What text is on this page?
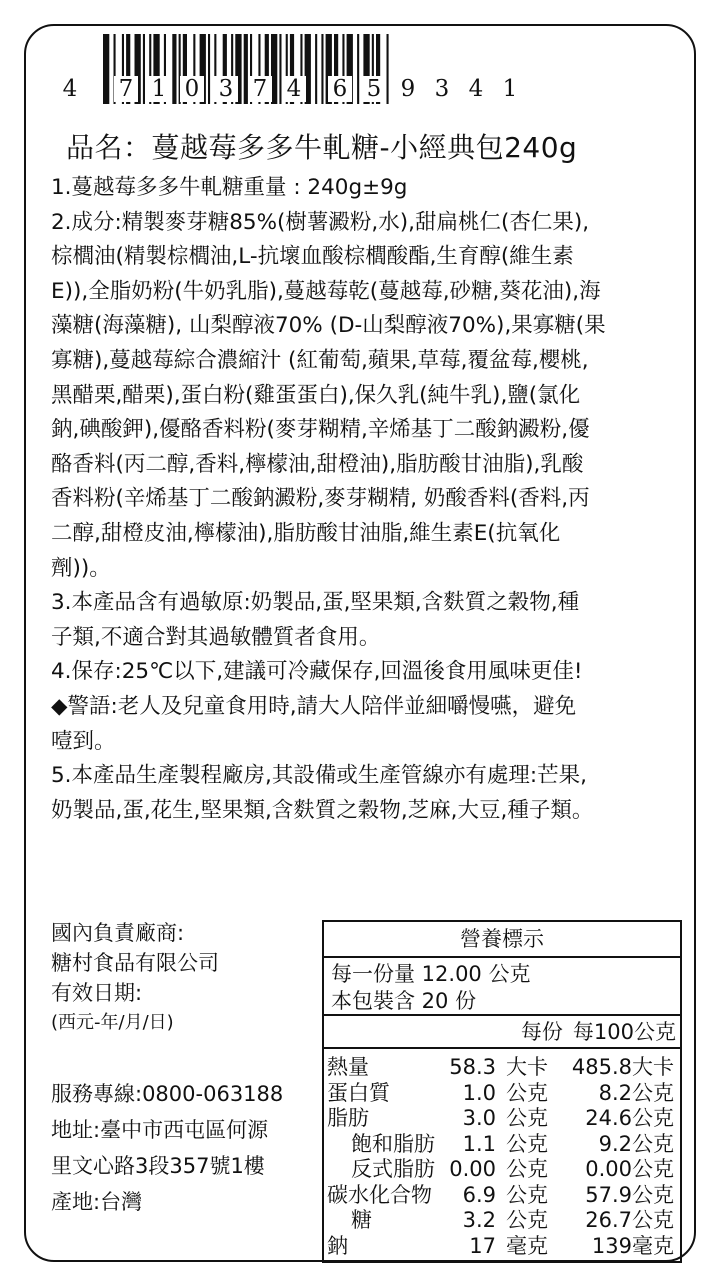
4 7 1 0 3 7 4 6 5 9 3 4 1
品名：蔓越莓多多牛軋糖-小經典包240g

1.蔓越莓多多牛軋糖重量 : 240g±9g

2.成分:精製麥芽糖85%(樹薯澱粉,水),甜扁桃仁(杏仁果),

棕櫚油(精製棕櫚油,L-抗壞血酸棕櫚酸酯,生育醇(維生素

E)),全脂奶粉(牛奶乳脂),蔓越莓乾(蔓越莓,砂糖,葵花油),海

藻糖(海藻糖), 山梨醇液70% (D-山梨醇液70%),果寡糖(果

寡糖),蔓越莓綜合濃縮汁 (紅葡萄,蘋果,草莓,覆盆莓,櫻桃,

黑醋栗,醋栗),蛋白粉(雞蛋蛋白),保久乳(純牛乳),鹽(氯化

鈉,碘酸鉀),優酪香料粉(麥芽糊精,辛烯基丁二酸鈉澱粉,優

酪香料(丙二醇,香料,檸檬油,甜橙油),脂肪酸甘油脂),乳酸

香料粉(辛烯基丁二酸鈉澱粉,麥芽糊精, 奶酸香料(香料,丙

二醇,甜橙皮油,檸檬油),脂肪酸甘油脂,維生素E(抗氧化

劑))。

3.本產品含有過敏原:奶製品,蛋,堅果類,含麩質之穀物,種

子類,不適合對其過敏體質者食用。

4.保存:25℃以下,建議可冷藏保存,回溫後食用風味更佳!

◆警語:老人及兒童食用時,請大人陪伴並細嚼慢嚥，避免

噎到。

5.本產品生產製程廠房,其設備或生產管線亦有處理:芒果,

奶製品,蛋,花生,堅果類,含麩質之穀物,芝麻,大豆,種子類。

國內負責廠商:
糖村食品有限公司
有效日期:
(西元-年/月/日)
服務專線:0800-063188
地址:臺中市西屯區何源
里文心路3段357號1樓
產地:台灣
營養標示
每一份量 12.00 公克
本包裝含 20 份
每份 每100公克
熱量	58.3 大卡 485.8 大卡
蛋白質	1.0 公克 8.2 公克
脂肪	3.0 公克 24.6 公克
飽和脂肪 1.1 公克 9.2 公克
反式脂肪 0.00 公克 0.00 公克
碳水化合物 6.9 公克 57.9 公克
糖	3.2 公克 26.7 公克
鈉	17 毫克 139 毫克
